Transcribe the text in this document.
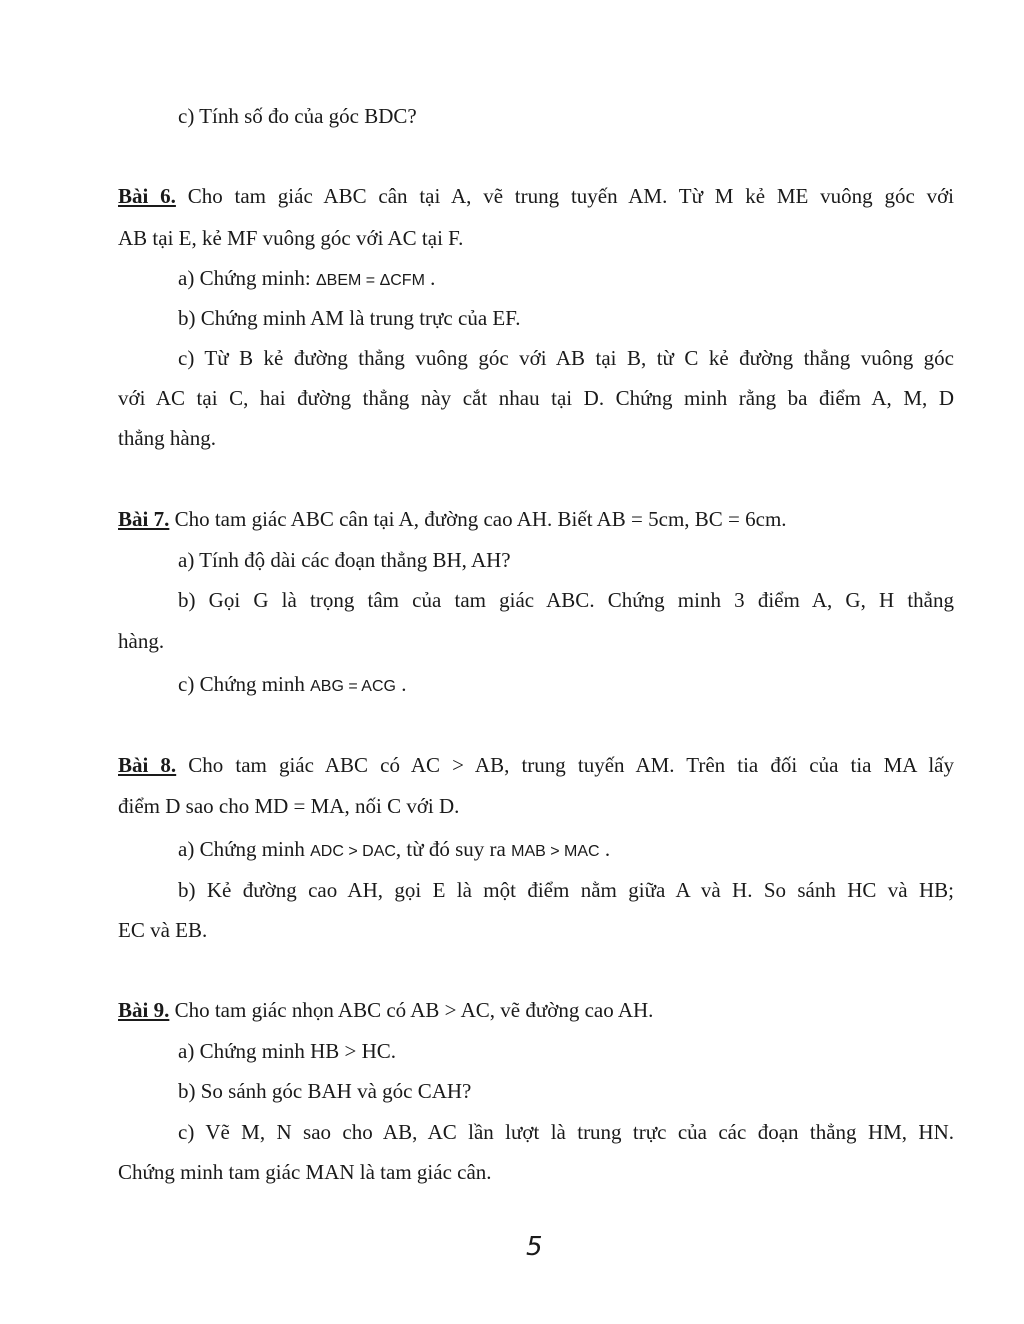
c) Tính số đo của góc BDC?
Bài 6. Cho tam giác ABC cân tại A, vẽ trung tuyến AM. Từ M kẻ ME vuông góc với
AB tại E, kẻ MF vuông góc với AC tại F.
a) Chứng minh: ΔBEM = ΔCFM .
b) Chứng minh AM là trung trực của EF.
c) Từ B kẻ đường thẳng vuông góc với AB tại B, từ C kẻ đường thẳng vuông góc
với AC tại C, hai đường thẳng này cắt nhau tại D. Chứng minh rằng ba điểm A, M, D
thẳng hàng.
Bài 7. Cho tam giác ABC cân tại A, đường cao AH. Biết AB = 5cm, BC = 6cm.
a) Tính độ dài các đoạn thẳng BH, AH?
b) Gọi G là trọng tâm của tam giác ABC. Chứng minh 3 điểm A, G, H thẳng
hàng.
c) Chứng minh ABG = ACG .
Bài 8. Cho tam giác ABC có AC > AB, trung tuyến AM. Trên tia đối của tia MA lấy
điểm D sao cho MD = MA, nối C với D.
a) Chứng minh ADC > DAC, từ đó suy ra MAB > MAC .
b) Kẻ đường cao AH, gọi E là một điểm nằm giữa A và H. So sánh HC và HB;
EC và EB.
Bài 9. Cho tam giác nhọn ABC có AB > AC, vẽ đường cao AH.
a) Chứng minh HB > HC.
b) So sánh góc BAH và góc CAH?
c) Vẽ M, N sao cho AB, AC lần lượt là trung trực của các đoạn thẳng HM, HN.
Chứng minh tam giác MAN là tam giác cân.
5
